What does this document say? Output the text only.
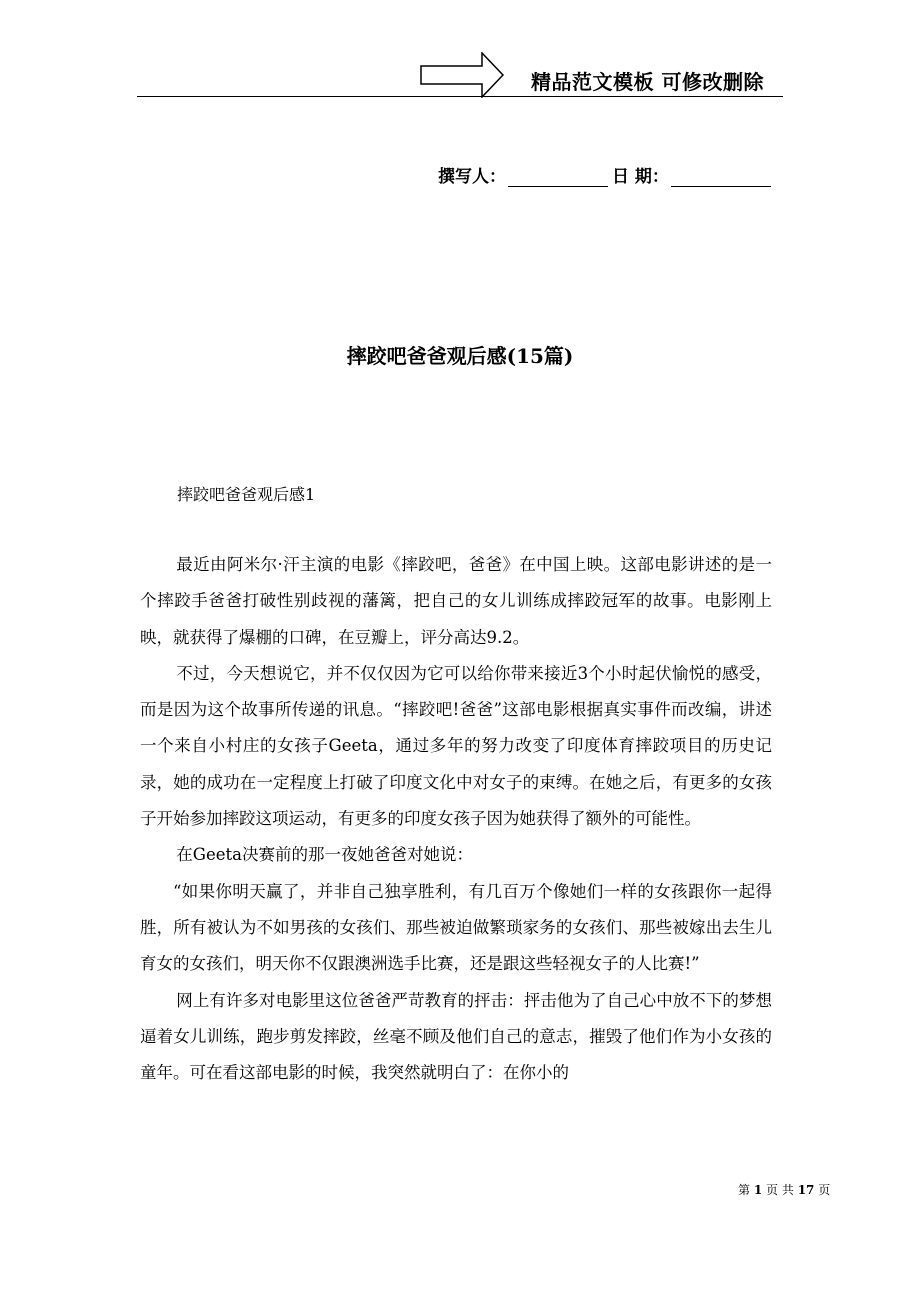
精品范文模板 可修改删除
撰写人：	日 期：
摔跤吧爸爸观后感(15篇)
摔跤吧爸爸观后感1

最近由阿米尔·汗主演的电影《摔跤吧，爸爸》在中国上映。这部电影讲述的是一个摔跤手爸爸打破性别歧视的藩篱，把自己的女儿训练成摔跤冠军的故事。电影刚上映，就获得了爆棚的口碑，在豆瓣上，评分高达9.2。

不过，今天想说它，并不仅仅因为它可以给你带来接近3个小时起伏愉悦的感受，而是因为这个故事所传递的讯息。“摔跤吧!爸爸”这部电影根据真实事件而改编，讲述一个来自小村庄的女孩子Geeta，通过多年的努力改变了印度体育摔跤项目的历史记录，她的成功在一定程度上打破了印度文化中对女子的束缚。在她之后，有更多的女孩子开始参加摔跤这项运动，有更多的印度女孩子因为她获得了额外的可能性。

在Geeta决赛前的那一夜她爸爸对她说：

“如果你明天赢了，并非自己独享胜利，有几百万个像她们一样的女孩跟你一起得胜，所有被认为不如男孩的女孩们、那些被迫做繁琐家务的女孩们、那些被嫁出去生儿育女的女孩们，明天你不仅跟澳洲选手比赛，还是跟这些轻视女子的人比赛!”

网上有许多对电影里这位爸爸严苛教育的抨击：抨击他为了自己心中放不下的梦想逼着女儿训练，跑步剪发摔跤，丝毫不顾及他们自己的意志，摧毁了他们作为小女孩的童年。可在看这部电影的时候，我突然就明白了：在你小的

第 1 页 共 17 页
